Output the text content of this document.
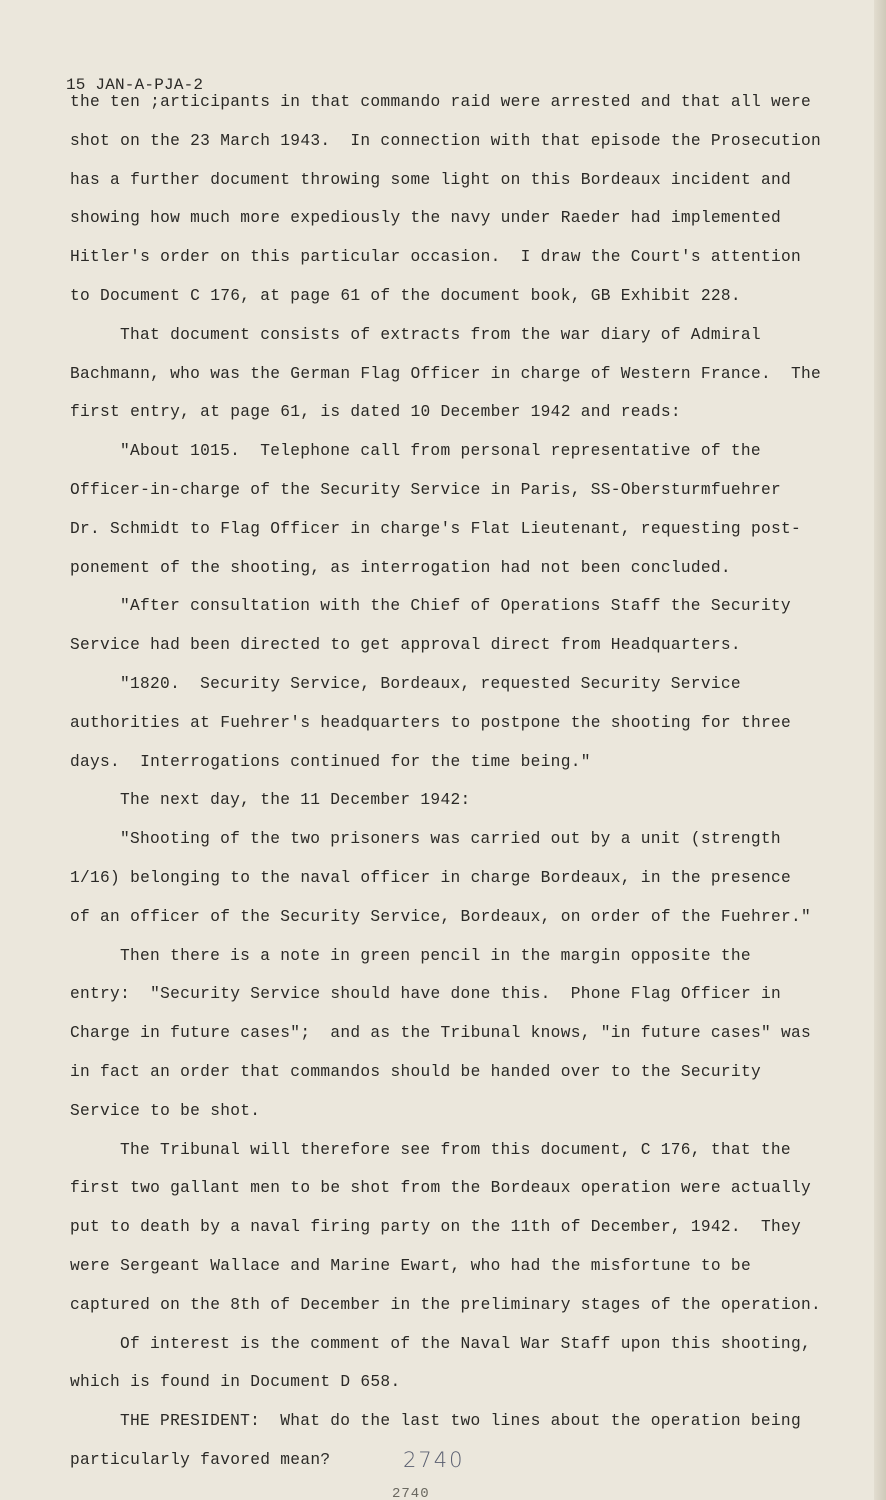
15 JAN-A-PJA-2
the ten ;articipants in that commando raid were arrested and that all were
shot on the 23 March 1943.  In connection with that episode the Prosecution
has a further document throwing some light on this Bordeaux incident and
showing how much more expediously the navy under Raeder had implemented
Hitler's order on this particular occasion.  I draw the Court's attention
to Document C 176, at page 61 of the document book, GB Exhibit 228.
That document consists of extracts from the war diary of Admiral
Bachmann, who was the German Flag Officer in charge of Western France.  The
first entry, at page 61, is dated 10 December 1942 and reads:
"About 1015.  Telephone call from personal representative of the
Officer-in-charge of the Security Service in Paris, SS-Obersturmfuehrer
Dr. Schmidt to Flag Officer in charge's Flat Lieutenant, requesting post-
ponement of the shooting, as interrogation had not been concluded.
"After consultation with the Chief of Operations Staff the Security
Service had been directed to get approval direct from Headquarters.
"1820.  Security Service, Bordeaux, requested Security Service
authorities at Fuehrer's headquarters to postpone the shooting for three
days.  Interrogations continued for the time being."
The next day, the 11 December 1942:
"Shooting of the two prisoners was carried out by a unit (strength
1/16) belonging to the naval officer in charge Bordeaux, in the presence
of an officer of the Security Service, Bordeaux, on order of the Fuehrer."
Then there is a note in green pencil in the margin opposite the
entry:  "Security Service should have done this.  Phone Flag Officer in
Charge in future cases";  and as the Tribunal knows, "in future cases" was
in fact an order that commandos should be handed over to the Security
Service to be shot.
The Tribunal will therefore see from this document, C 176, that the
first two gallant men to be shot from the Bordeaux operation were actually
put to death by a naval firing party on the 11th of December, 1942.  They
were Sergeant Wallace and Marine Ewart, who had the misfortune to be
captured on the 8th of December in the preliminary stages of the operation.
Of interest is the comment of the Naval War Staff upon this shooting,
which is found in Document D 658.
THE PRESIDENT:  What do the last two lines about the operation being
particularly favored mean?	2740
2740
